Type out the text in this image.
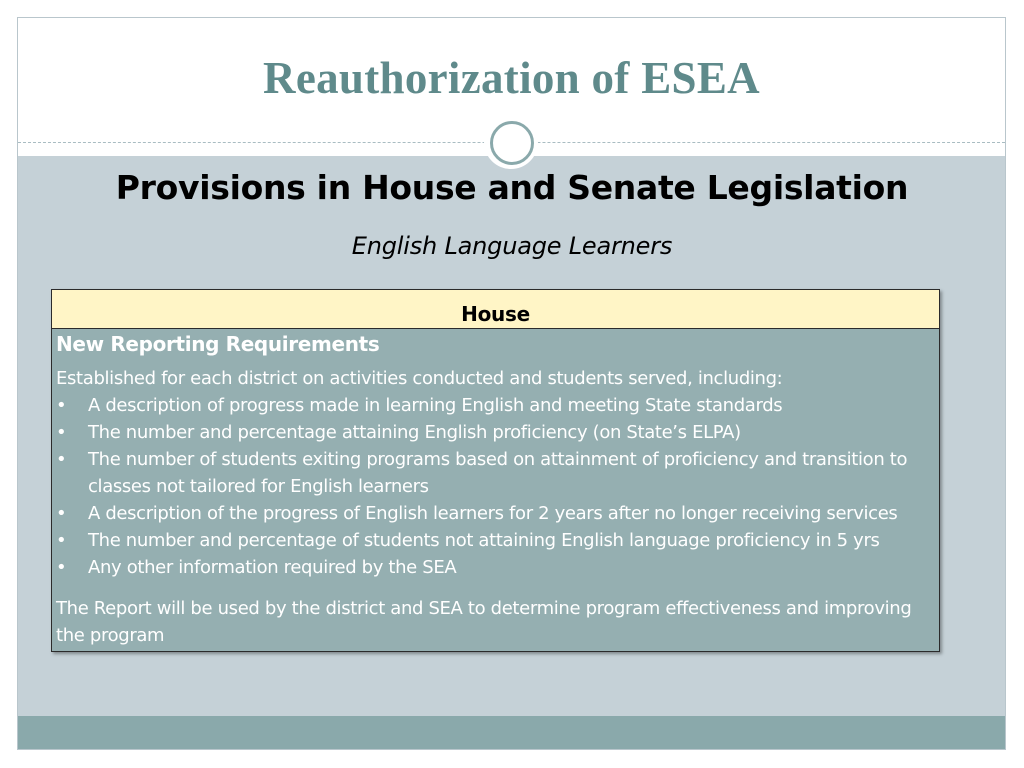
Reauthorization of ESEA
Provisions in House and Senate Legislation

English Language Learners

House
New Reporting Requirements

Established for each district on activities conducted and students served, including:

• A description of progress made in learning English and meeting State standards
• The number and percentage attaining English proficiency (on State’s ELPA)
• The number of students exiting programs based on attainment of proficiency and transition to classes not tailored for English learners
• A description of the progress of English learners for 2 years after no longer receiving services
• The number and percentage of students not attaining English language proficiency in 5 yrs
• Any other information required by the SEA

The Report will be used by the district and SEA to determine program effectiveness and improving the program
